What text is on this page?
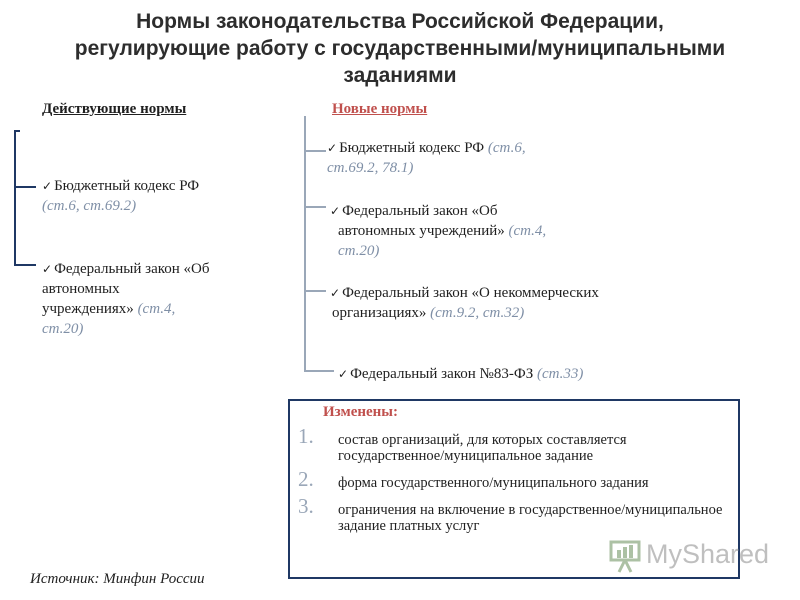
Нормы законодательства Российской Федерации,
регулирующие работу с государственными/муниципальными
заданиями
Действующие нормы	Новые нормы
✓ Бюджетный кодекс РФ
(ст.6, ст.69.2)
✓ Федеральный закон «Об
автономных
учреждениях» (ст.4,
ст.20)
✓ Бюджетный кодекс РФ (ст.6,
ст.69.2, 78.1)
✓ Федеральный закон «Об
автономных учреждений» (ст.4,
ст.20)
✓ Федеральный закон «О некоммерческих
организациях» (ст.9.2, ст.32)
✓ Федеральный закон №83-ФЗ (ст.33)
Изменены:
1. состав организаций, для которых составляется государственное/муниципальное задание
2. форма государственного/муниципального задания
3. ограничения на включение в государственное/муниципальное задание платных услуг
Источник: Минфин России
MyShared
